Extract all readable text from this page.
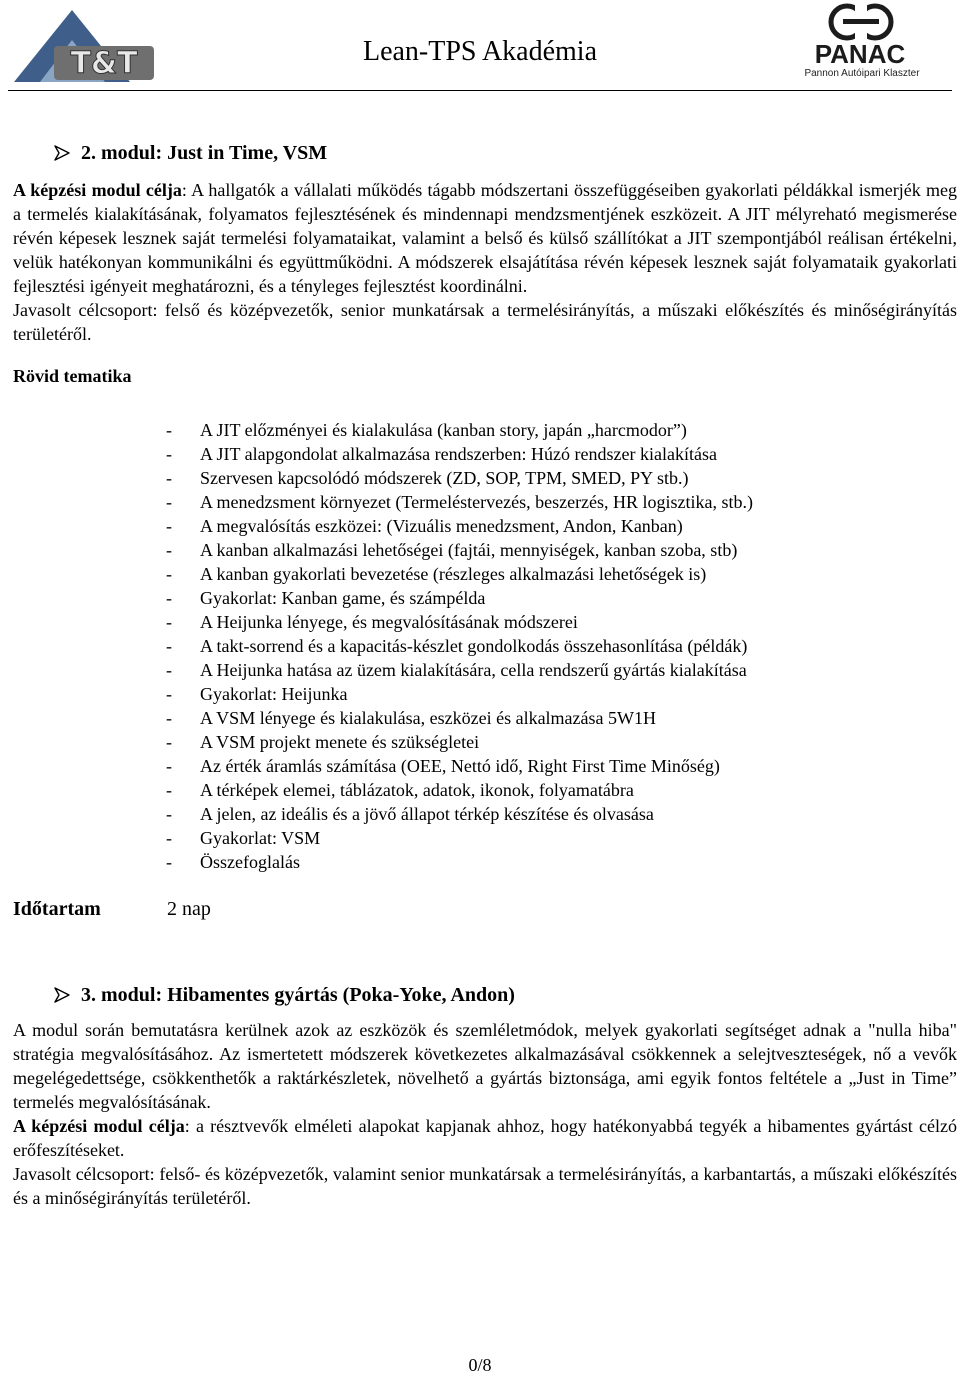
T&T	Lean-TPS Akadémia	PANAC
Pannon Autóipari Klaszter
2. modul: Just in Time, VSM

A képzési modul célja: A hallgatók a vállalati működés tágabb módszertani összefüggéseiben gyakorlati példákkal ismerjék meg a termelés kialakításának, folyamatos fejlesztésének és mindennapi mendzsmentjének eszközeit. A JIT mélyreható megismerése révén képesek lesznek saját termelési folyamataikat, valamint a belső és külső szállítókat a JIT szempontjából reálisan értékelni, velük hatékonyan kommunikálni és együttműködni. A módszerek elsajátítása révén képesek lesznek saját folyamataik gyakorlati fejlesztési igényeit meghatározni, és a tényleges fejlesztést koordinálni.

Javasolt célcsoport: felső és középvezetők, senior munkatársak a termelésirányítás, a műszaki előkészítés és minőségirányítás területéről.

Rövid tematika

-	A JIT előzményei és kialakulása (kanban story, japán „harcmodor”)
-	A JIT alapgondolat alkalmazása rendszerben: Húzó rendszer kialakítása
-	Szervesen kapcsolódó módszerek (ZD, SOP, TPM, SMED, PY stb.)
-	A menedzsment környezet (Termeléstervezés, beszerzés, HR logisztika, stb.)
-	A megvalósítás eszközei: (Vizuális menedzsment, Andon, Kanban)
-	A kanban alkalmazási lehetőségei (fajtái, mennyiségek, kanban szoba, stb)
-	A kanban gyakorlati bevezetése (részleges alkalmazási lehetőségek is)
-	Gyakorlat: Kanban game, és számpélda
-	A Heijunka lényege, és megvalósításának módszerei
-	A takt-sorrend és a kapacitás-készlet gondolkodás összehasonlítása (példák)
-	A Heijunka hatása az üzem kialakítására, cella rendszerű gyártás kialakítása
-	Gyakorlat: Heijunka
-	A VSM lényege és kialakulása, eszközei és alkalmazása 5W1H
-	A VSM projekt menete és szükségletei
-	Az érték áramlás számítása (OEE, Nettó idő, Right First Time Minőség)
-	A térképek elemei, táblázatok, adatok, ikonok, folyamatábra
-	A jelen, az ideális és a jövő állapot térkép készítése és olvasása
-	Gyakorlat: VSM
-	Összefoglalás
Időtartam	2 nap
3. modul: Hibamentes gyártás (Poka-Yoke, Andon)

A modul során bemutatásra kerülnek azok az eszközök és szemléletmódok, melyek gyakorlati segítséget adnak a "nulla hiba" stratégia megvalósításához. Az ismertetett módszerek következetes alkalmazásával csökkennek a selejtveszteségek, nő a vevők megelégedettsége, csökkenthetők a raktárkészletek, növelhető a gyártás biztonsága, ami egyik fontos feltétele a „Just in Time” termelés megvalósításának.

A képzési modul célja: a résztvevők elméleti alapokat kapjanak ahhoz, hogy hatékonyabbá tegyék a hibamentes gyártást célzó erőfeszítéseket.

Javasolt célcsoport: felső- és középvezetők, valamint senior munkatársak a termelésirányítás, a karbantartás, a műszaki előkészítés és a minőségirányítás területéről.

0/8
